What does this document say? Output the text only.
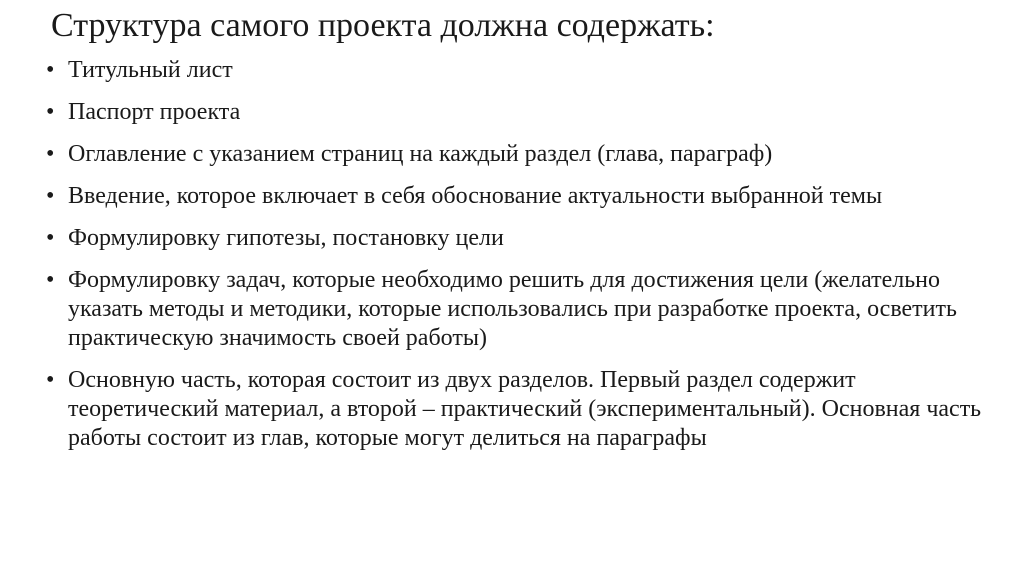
Структура самого проекта должна содержать:
• Титульный лист
• Паспорт проекта
• Оглавление с указанием страниц на каждый раздел (глава, параграф)
• Введение, которое включает в себя обоснование актуальности выбранной темы
• Формулировку гипотезы, постановку цели
• Формулировку задач, которые необходимо решить для достижения цели (желательно указать методы и методики, которые использовались при разработке проекта, осветить практическую значимость своей работы)
• Основную часть, которая состоит из двух разделов. Первый раздел содержит теоретический материал, а второй – практический (экспериментальный). Основная часть работы состоит из глав, которые могут делиться на параграфы
